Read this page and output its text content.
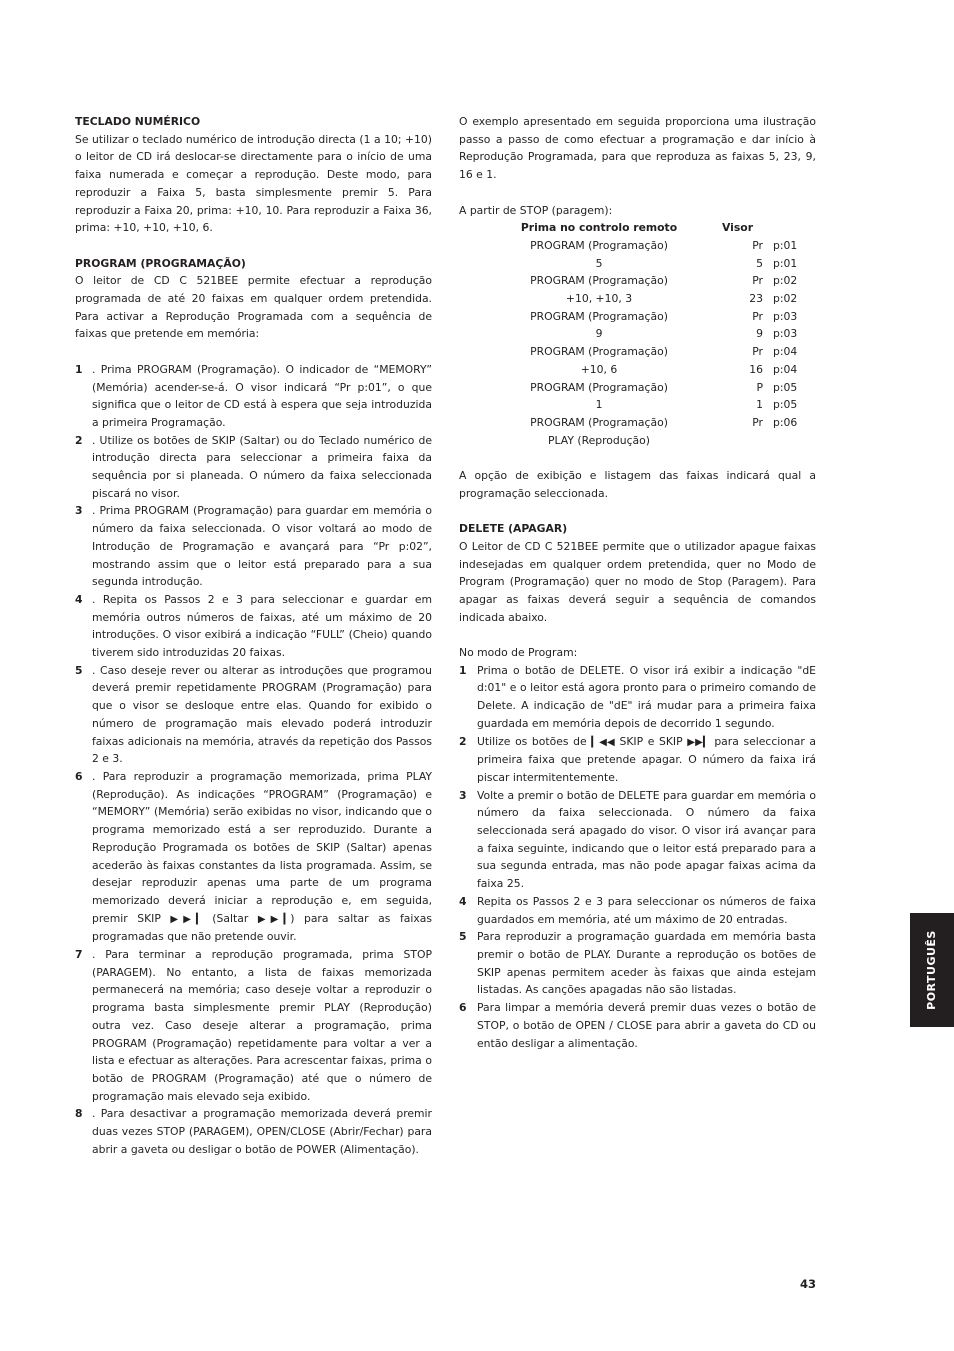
TECLADO NUMÉRICO

Se utilizar o teclado numérico de introdução directa (1 a 10; +10) o leitor de CD irá deslocar-se directamente para o início de uma faixa numerada e começar a reprodução. Deste modo, para reproduzir a Faixa 5, basta simplesmente premir 5. Para reproduzir a Faixa 20, prima: +10, 10. Para reproduzir a Faixa 36, prima: +10, +10, +10, 6.

PROGRAM (PROGRAMAÇÃO)

O leitor de CD C 521BEE permite efectuar a reprodução programada de até 20 faixas em qualquer ordem pretendida. Para activar a Reprodução Programada com a sequência de faixas que pretende em memória:

1 . Prima PROGRAM (Programação). O indicador de “MEMORY” (Memória) acender-se-á. O visor indicará “Pr p:01”, o que significa que o leitor de CD está à espera que seja introduzida a primeira Programação.
2 . Utilize os botões de SKIP (Saltar) ou do Teclado numérico de introdução directa para seleccionar a primeira faixa da sequência por si planeada. O número da faixa seleccionada piscará no visor.
3 . Prima PROGRAM (Programação) para guardar em memória o número da faixa seleccionada. O visor voltará ao modo de Introdução de Programação e avançará para “Pr p:02”, mostrando assim que o leitor está preparado para a sua segunda introdução.
4 . Repita os Passos 2 e 3 para seleccionar e guardar em memória outros números de faixas, até um máximo de 20 introduções. O visor exibirá a indicação “FULL” (Cheio) quando tiverem sido introduzidas 20 faixas.
5 . Caso deseje rever ou alterar as introduções que programou deverá premir repetidamente PROGRAM (Programação) para que o visor se desloque entre elas. Quando for exibido o número de programação mais elevado poderá introduzir faixas adicionais na memória, através da repetição dos Passos 2 e 3.
6 . Para reproduzir a programação memorizada, prima PLAY (Reprodução). As indicações “PROGRAM” (Programação) e “MEMORY” (Memória) serão exibidas no visor, indicando que o programa memorizado está a ser reproduzido. Durante a Reprodução Programada os botões de SKIP (Saltar) apenas acederão às faixas constantes da lista programada. Assim, se desejar reproduzir apenas uma parte de um programa memorizado deverá iniciar a reprodução e, em seguida, premir SKIP ▶▶▎ (Saltar ▶▶▎) para saltar as faixas programadas que não pretende ouvir.
7 . Para terminar a reprodução programada, prima STOP (PARAGEM). No entanto, a lista de faixas memorizada permanecerá na memória; caso deseje voltar a reproduzir o programa basta simplesmente premir PLAY (Reprodução) outra vez. Caso deseje alterar a programação, prima PROGRAM (Programação) repetidamente para voltar a ver a lista e efectuar as alterações. Para acrescentar faixas, prima o botão de PROGRAM (Programação) até que o número de programação mais elevado seja exibido.
8 . Para desactivar a programação memorizada deverá premir duas vezes STOP (PARAGEM), OPEN/CLOSE (Abrir/Fechar) para abrir a gaveta ou desligar o botão de POWER (Alimentação).

O exemplo apresentado em seguida proporciona uma ilustração passo a passo de como efectuar a programação e dar início à Reprodução Programada, para que reproduza as faixas 5, 23, 9, 16 e 1.

A partir de STOP (paragem):

Prima no controlo remoto	Visor	
PROGRAM (Programação)	Pr	p:01
5	5	p:01
PROGRAM (Programação)	Pr	p:02
+10, +10, 3	23	p:02
PROGRAM (Programação)	Pr	p:03
9	9	p:03
PROGRAM (Programação)	Pr	p:04
+10, 6	16	p:04
PROGRAM (Programação)	P	p:05
1	1	p:05
PROGRAM (Programação)	Pr	p:06
PLAY (Reprodução)		

A opção de exibição e listagem das faixas indicará qual a programação seleccionada.

DELETE (APAGAR)

O Leitor de CD C 521BEE permite que o utilizador apague faixas indesejadas em qualquer ordem pretendida, quer no Modo de Program (Programação) quer no modo de Stop (Paragem). Para apagar as faixas deverá seguir a sequência de comandos indicada abaixo.

No modo de Program:

1 Prima o botão de DELETE. O visor irá exibir a indicação "dE d:01" e o leitor está agora pronto para o primeiro comando de Delete. A indicação de "dE" irá mudar para a primeira faixa guardada em memória depois de decorrido 1 segundo.
2 Utilize os botões de ▎◀◀ SKIP e SKIP ▶▶▎ para seleccionar a primeira faixa que pretende apagar. O número da faixa irá piscar intermitentemente.
3 Volte a premir o botão de DELETE para guardar em memória o número da faixa seleccionada. O número da faixa seleccionada será apagado do visor. O visor irá avançar para a faixa seguinte, indicando que o leitor está preparado para a sua segunda entrada, mas não pode apagar faixas acima da faixa 25.
4 Repita os Passos 2 e 3 para seleccionar os números de faixa guardados em memória, até um máximo de 20 entradas.
5 Para reproduzir a programação guardada em memória basta premir o botão de PLAY. Durante a reprodução os botões de SKIP apenas permitem aceder às faixas que ainda estejam listadas. As canções apagadas não são listadas.
6 Para limpar a memória deverá premir duas vezes o botão de STOP, o botão de OPEN / CLOSE para abrir a gaveta do CD ou então desligar a alimentação.
PORTUGUÊS
43
